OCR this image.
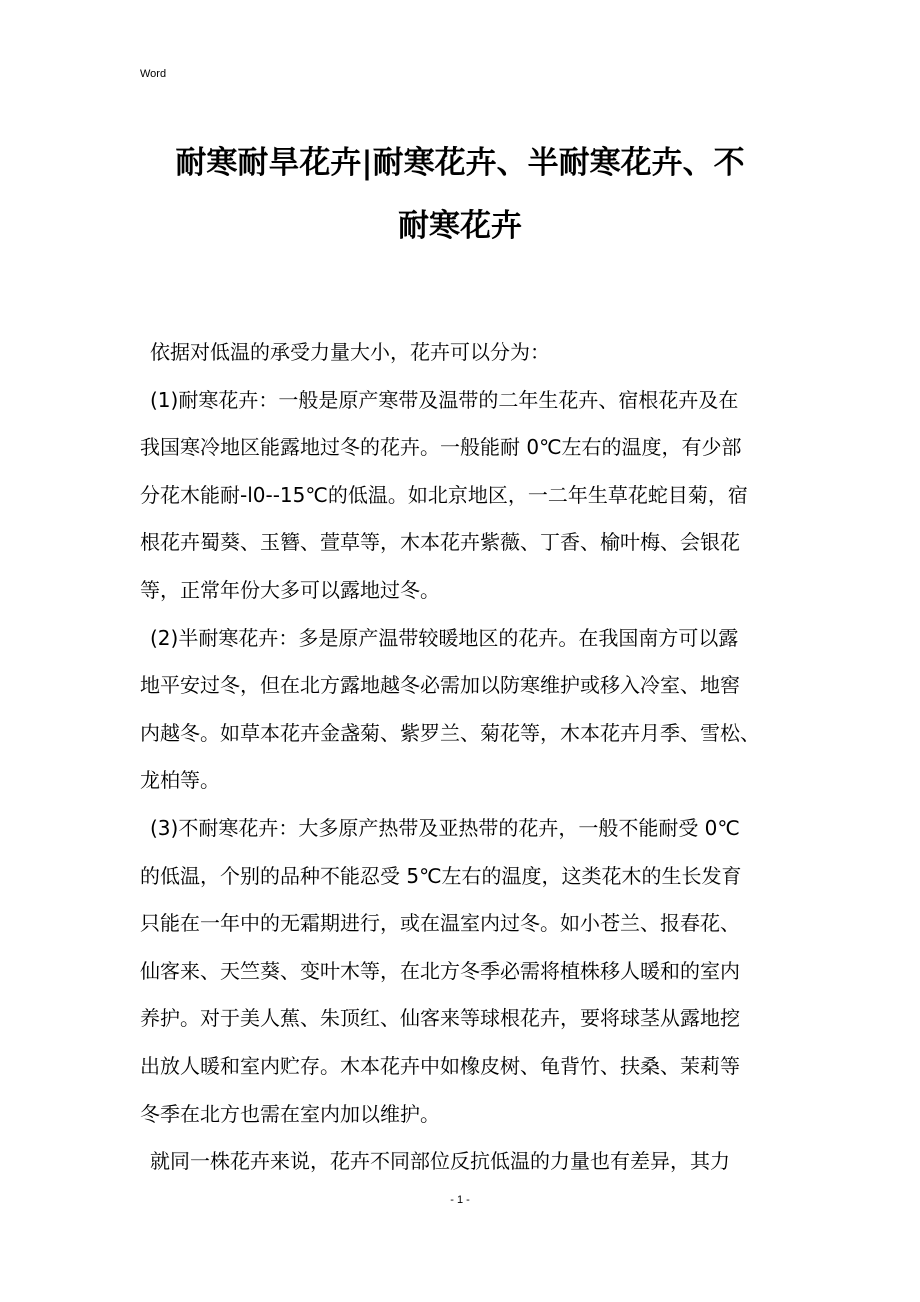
Word
耐寒耐旱花卉|耐寒花卉、半耐寒花卉、不
耐寒花卉
依据对低温的承受力量大小，花卉可以分为：
(1)耐寒花卉：一般是原产寒带及温带的二年生花卉、宿根花卉及在
我国寒冷地区能露地过冬的花卉。一般能耐 0℃左右的温度，有少部
分花木能耐-l0--15℃的低温。如北京地区，一二年生草花蛇目菊，宿
根花卉蜀葵、玉簪、萱草等，木本花卉紫薇、丁香、榆叶梅、会银花
等，正常年份大多可以露地过冬。
(2)半耐寒花卉：多是原产温带较暖地区的花卉。在我国南方可以露
地平安过冬，但在北方露地越冬必需加以防寒维护或移入冷室、地窖
内越冬。如草本花卉金盏菊、紫罗兰、菊花等，木本花卉月季、雪松、
龙柏等。
(3)不耐寒花卉：大多原产热带及亚热带的花卉，一般不能耐受 0℃
的低温，个别的品种不能忍受 5℃左右的温度，这类花木的生长发育
只能在一年中的无霜期进行，或在温室内过冬。如小苍兰、报春花、
仙客来、天竺葵、变叶木等，在北方冬季必需将植株移人暖和的室内
养护。对于美人蕉、朱顶红、仙客来等球根花卉，要将球茎从露地挖
出放人暖和室内贮存。木本花卉中如橡皮树、龟背竹、扶桑、茉莉等
冬季在北方也需在室内加以维护。
就同一株花卉来说，花卉不同部位反抗低温的力量也有差异，其力
- 1 -
